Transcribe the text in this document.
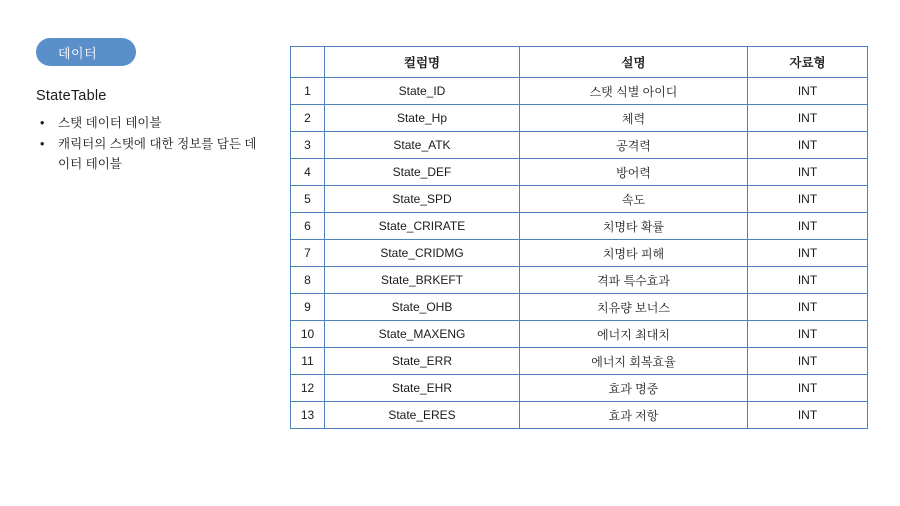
데이터
StateTable
• 스탯 데이터 테이블
• 캐릭터의 스탯에 대한 정보를 담든 데이터 테이블
	컬럼명	설명	자료형
1	State_ID	스탯 식별 아이디	INT
2	State_Hp	체력	INT
3	State_ATK	공격력	INT
4	State_DEF	방어력	INT
5	State_SPD	속도	INT
6	State_CRIRATE	치명타 확률	INT
7	State_CRIDMG	치명타 피해	INT
8	State_BRKEFT	격파 특수효과	INT
9	State_OHB	치유량 보너스	INT
10	State_MAXENG	에너지 최대치	INT
11	State_ERR	에너지 회복효율	INT
12	State_EHR	효과 명중	INT
13	State_ERES	효과 저항	INT
